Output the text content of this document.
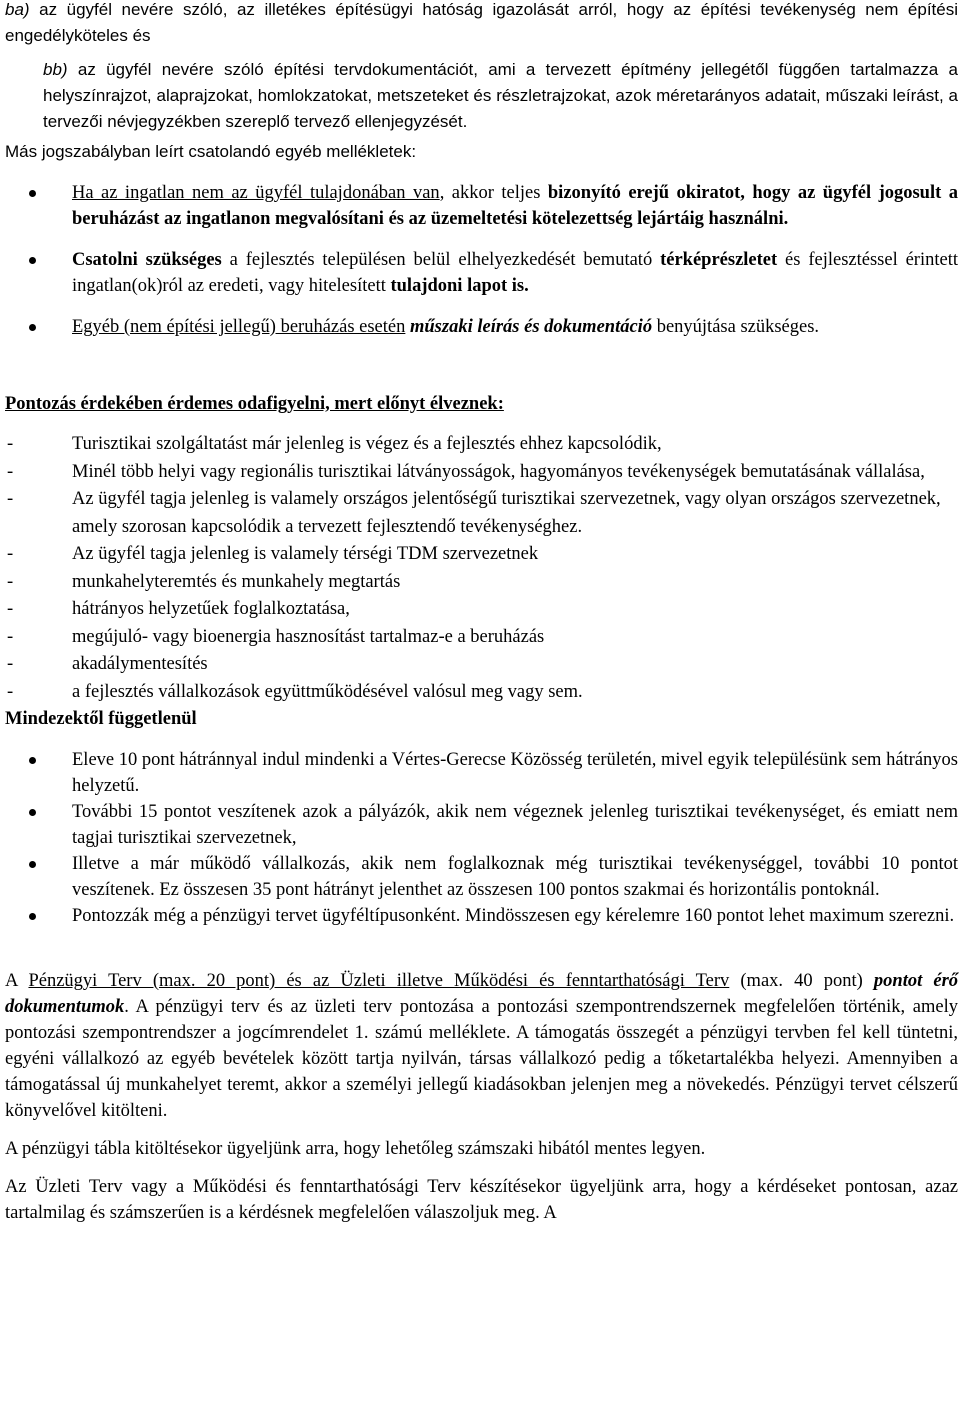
ba) az ügyfél nevére szóló, az illetékes építésügyi hatóság igazolását arról, hogy az építési tevékenység nem építési engedélyköteles és

bb) az ügyfél nevére szóló építési tervdokumentációt, ami a tervezett építmény jellegétől függően tartalmazza a helyszínrajzot, alaprajzokat, homlokzatokat, metszeteket és részletrajzokat, azok méretarányos adatait, műszaki leírást, a tervezői névjegyzékben szereplő tervező ellenjegyzését.

Más jogszabályban leírt csatolandó egyéb mellékletek:

Ha az ingatlan nem az ügyfél tulajdonában van, akkor teljes bizonyító erejű okiratot, hogy az ügyfél jogosult a beruházást az ingatlanon megvalósítani és az üzemeltetési kötelezettség lejártáig használni.
Csatolni szükséges a fejlesztés településen belül elhelyezkedését bemutató térképrészletet és fejlesztéssel érintett ingatlan(ok)ról az eredeti, vagy hitelesített tulajdoni lapot is.
Egyéb (nem építési jellegű) beruházás esetén műszaki leírás és dokumentáció benyújtása szükséges.

Pontozás érdekében érdemes odafigyelni, mert előnyt élveznek:

-	Turisztikai szolgáltatást már jelenleg is végez és a fejlesztés ehhez kapcsolódik,
-	Minél több helyi vagy regionális turisztikai látványosságok, hagyományos tevékenységek bemutatásának vállalása,
-	Az ügyfél tagja jelenleg is valamely országos jelentőségű turisztikai szervezetnek, vagy olyan országos szervezetnek, amely szorosan kapcsolódik a tervezett fejlesztendő tevékenységhez.
-	Az ügyfél tagja jelenleg is valamely térségi TDM szervezetnek
-	munkahelyteremtés és munkahely megtartás
-	hátrányos helyzetűek foglalkoztatása,
-	megújuló- vagy bioenergia hasznosítást tartalmaz-e a beruházás
-	akadálymentesítés
-	a fejlesztés vállalkozások együttműködésével valósul meg vagy sem.

Mindezektől függetlenül

Eleve 10 pont hátránnyal indul mindenki a Vértes-Gerecse Közösség területén, mivel egyik településünk sem hátrányos helyzetű.
További 15 pontot veszítenek azok a pályázók, akik nem végeznek jelenleg turisztikai tevékenységet, és emiatt nem tagjai turisztikai szervezetnek,
Illetve a már működő vállalkozás, akik nem foglalkoznak még turisztikai tevékenységgel, további 10 pontot veszítenek. Ez összesen 35 pont hátrányt jelenthet az összesen 100 pontos szakmai és horizontális pontoknál.
Pontozzák még a pénzügyi tervet ügyféltípusonként. Mindösszesen egy kérelemre 160 pontot lehet maximum szerezni.

A Pénzügyi Terv (max. 20 pont) és az Üzleti illetve Működési és fenntarthatósági Terv (max. 40 pont) pontot érő dokumentumok. A pénzügyi terv és az üzleti terv pontozása a pontozási szempontrendszernek megfelelően történik, amely pontozási szempontrendszer a jogcímrendelet 1. számú melléklete. A támogatás összegét a pénzügyi tervben fel kell tüntetni, egyéni vállalkozó az egyéb bevételek között tartja nyilván, társas vállalkozó pedig a tőketartalékba helyezi. Amennyiben a támogatással új munkahelyet teremt, akkor a személyi jellegű kiadásokban jelenjen meg a növekedés. Pénzügyi tervet célszerű könyvelővel kitölteni.

A pénzügyi tábla kitöltésekor ügyeljünk arra, hogy lehetőleg számszaki hibától mentes legyen.

Az Üzleti Terv vagy a Működési és fenntarthatósági Terv készítésekor ügyeljünk arra, hogy a kérdéseket pontosan, azaz tartalmilag és számszerűen is a kérdésnek megfelelően válaszoljuk meg. A
